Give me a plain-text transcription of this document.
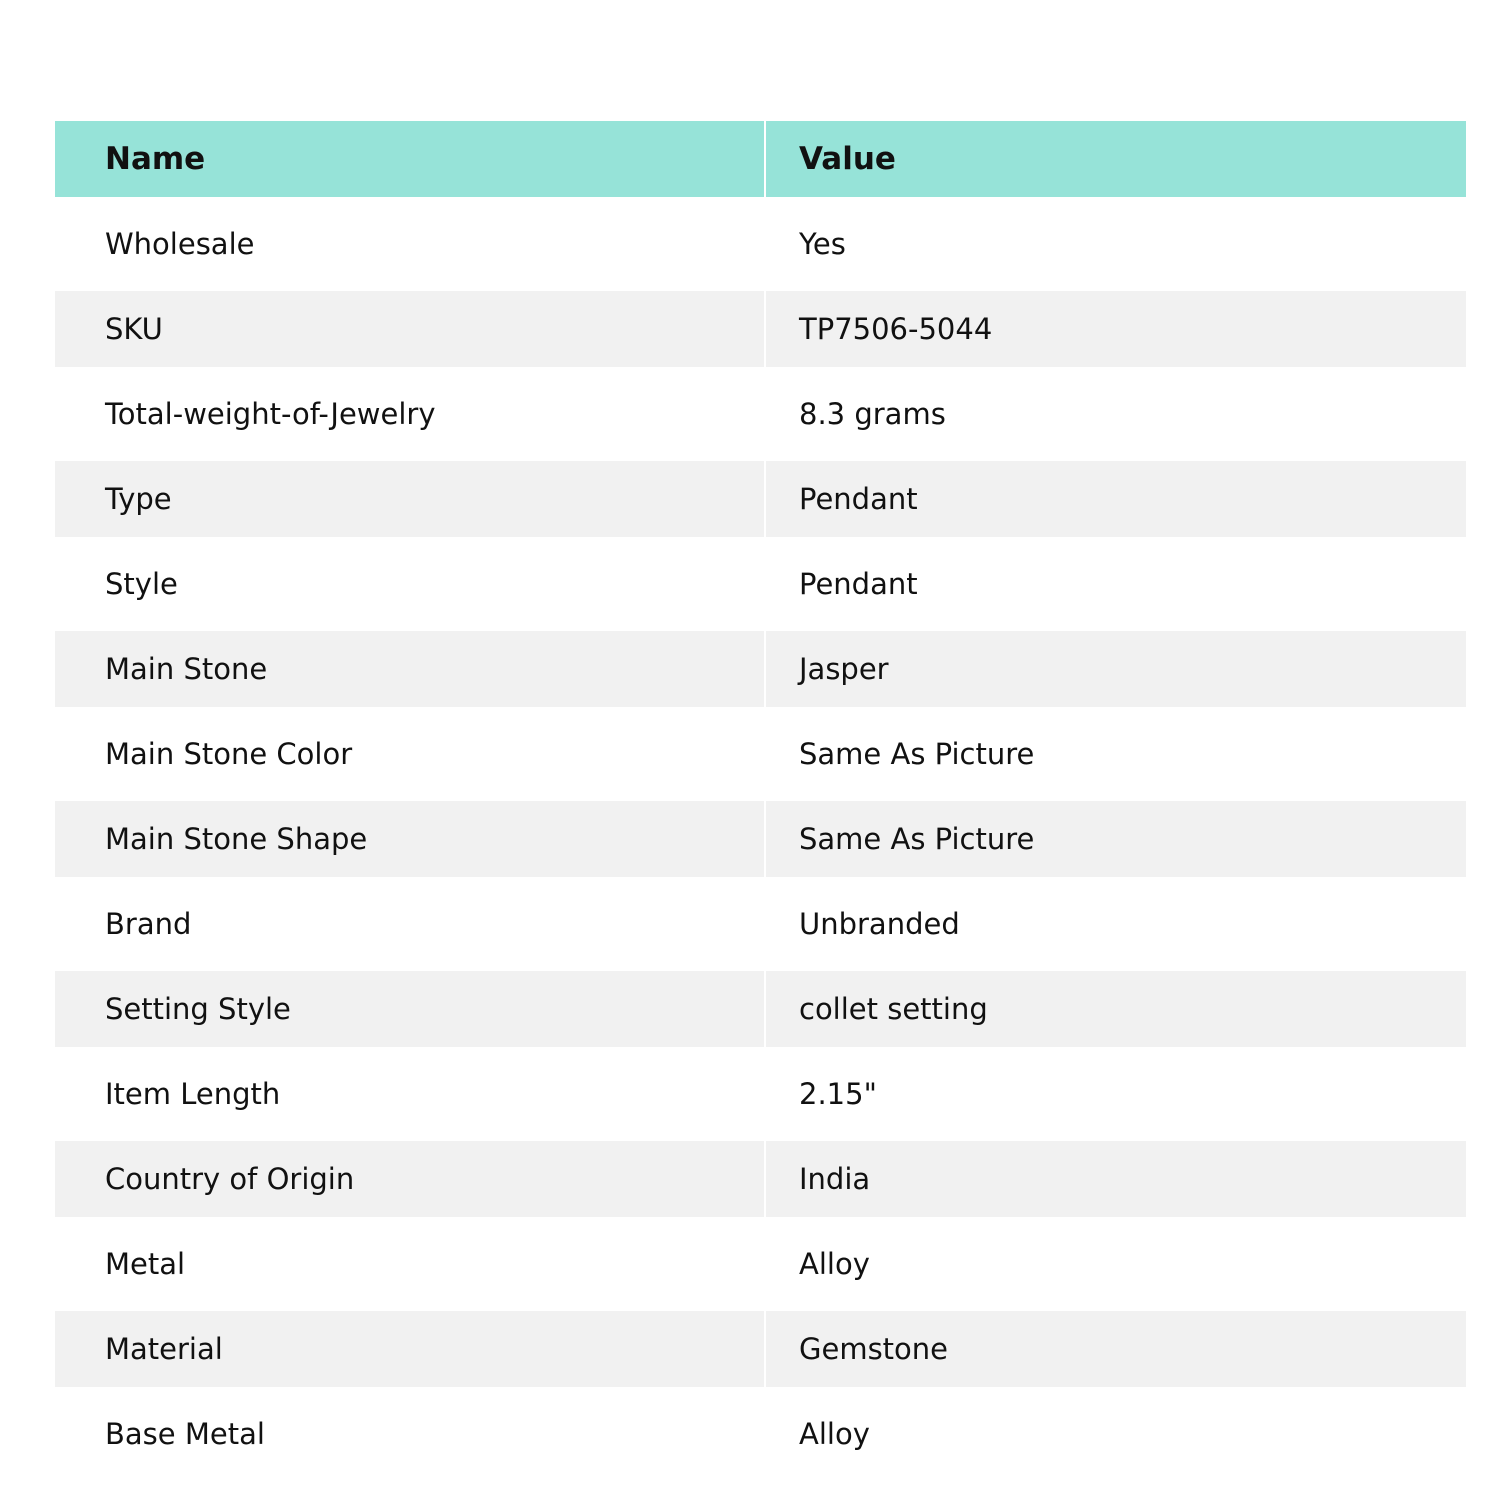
Name	Value
Wholesale	Yes
SKU	TP7506-5044
Total-weight-of-Jewelry	8.3 grams
Type	Pendant
Style	Pendant
Main Stone	Jasper
Main Stone Color	Same As Picture
Main Stone Shape	Same As Picture
Brand	Unbranded
Setting Style	collet setting
Item Length	2.15"
Country of Origin	India
Metal	Alloy
Material	Gemstone
Base Metal	Alloy
